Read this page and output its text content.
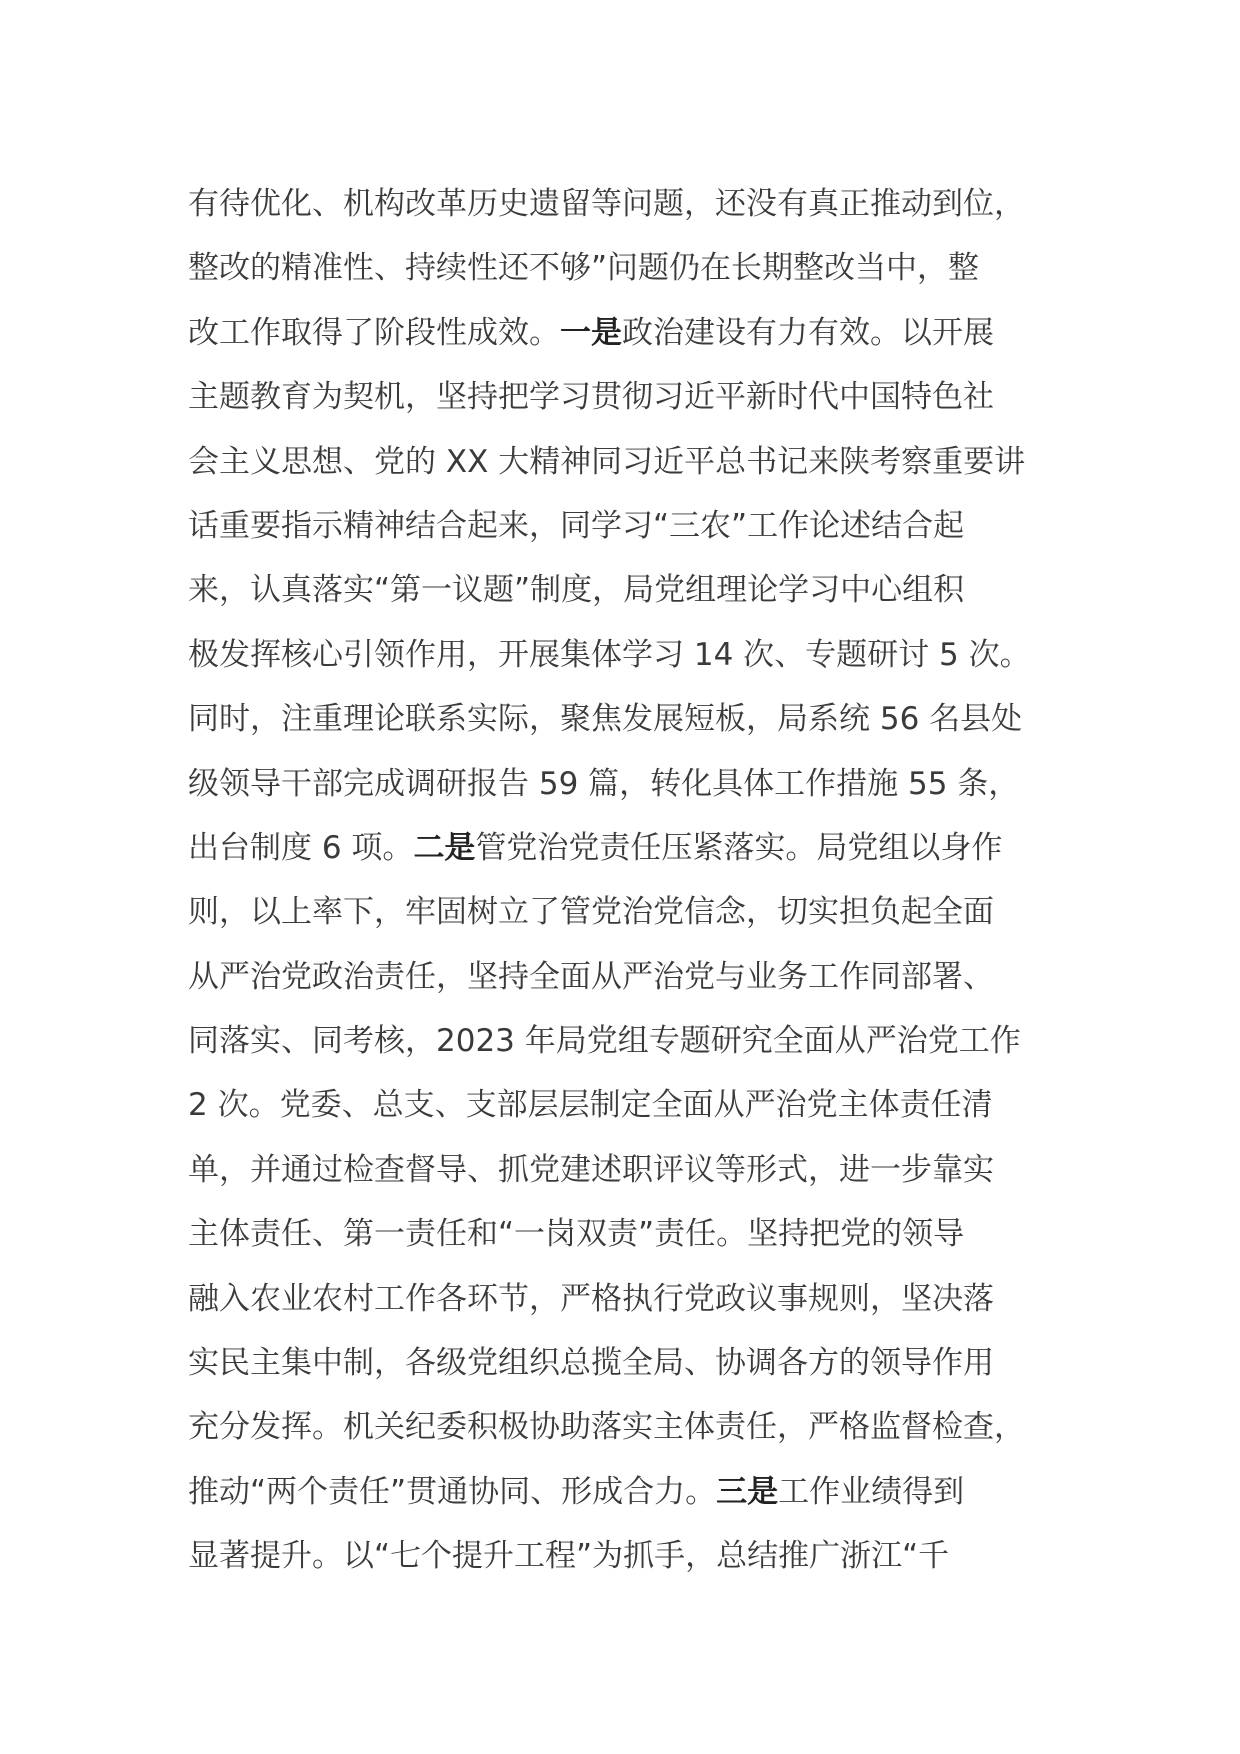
有待优化、机构改革历史遗留等问题，还没有真正推动到位，
整改的精准性、持续性还不够”问题仍在长期整改当中，整
改工作取得了阶段性成效。一是政治建设有力有效。以开展
主题教育为契机，坚持把学习贯彻习近平新时代中国特色社
会主义思想、党的 XX 大精神同习近平总书记来陕考察重要讲
话重要指示精神结合起来，同学习“三农”工作论述结合起
来，认真落实“第一议题”制度，局党组理论学习中心组积
极发挥核心引领作用，开展集体学习 14 次、专题研讨 5 次。
同时，注重理论联系实际，聚焦发展短板，局系统 56 名县处
级领导干部完成调研报告 59 篇，转化具体工作措施 55 条，
出台制度 6 项。二是管党治党责任压紧落实。局党组以身作
则，以上率下，牢固树立了管党治党信念，切实担负起全面
从严治党政治责任，坚持全面从严治党与业务工作同部署、
同落实、同考核，2023 年局党组专题研究全面从严治党工作
2 次。党委、总支、支部层层制定全面从严治党主体责任清
单，并通过检查督导、抓党建述职评议等形式，进一步靠实
主体责任、第一责任和“一岗双责”责任。坚持把党的领导
融入农业农村工作各环节，严格执行党政议事规则，坚决落
实民主集中制，各级党组织总揽全局、协调各方的领导作用
充分发挥。机关纪委积极协助落实主体责任，严格监督检查，
推动“两个责任”贯通协同、形成合力。三是工作业绩得到
显著提升。以“七个提升工程”为抓手，总结推广浙江“千
